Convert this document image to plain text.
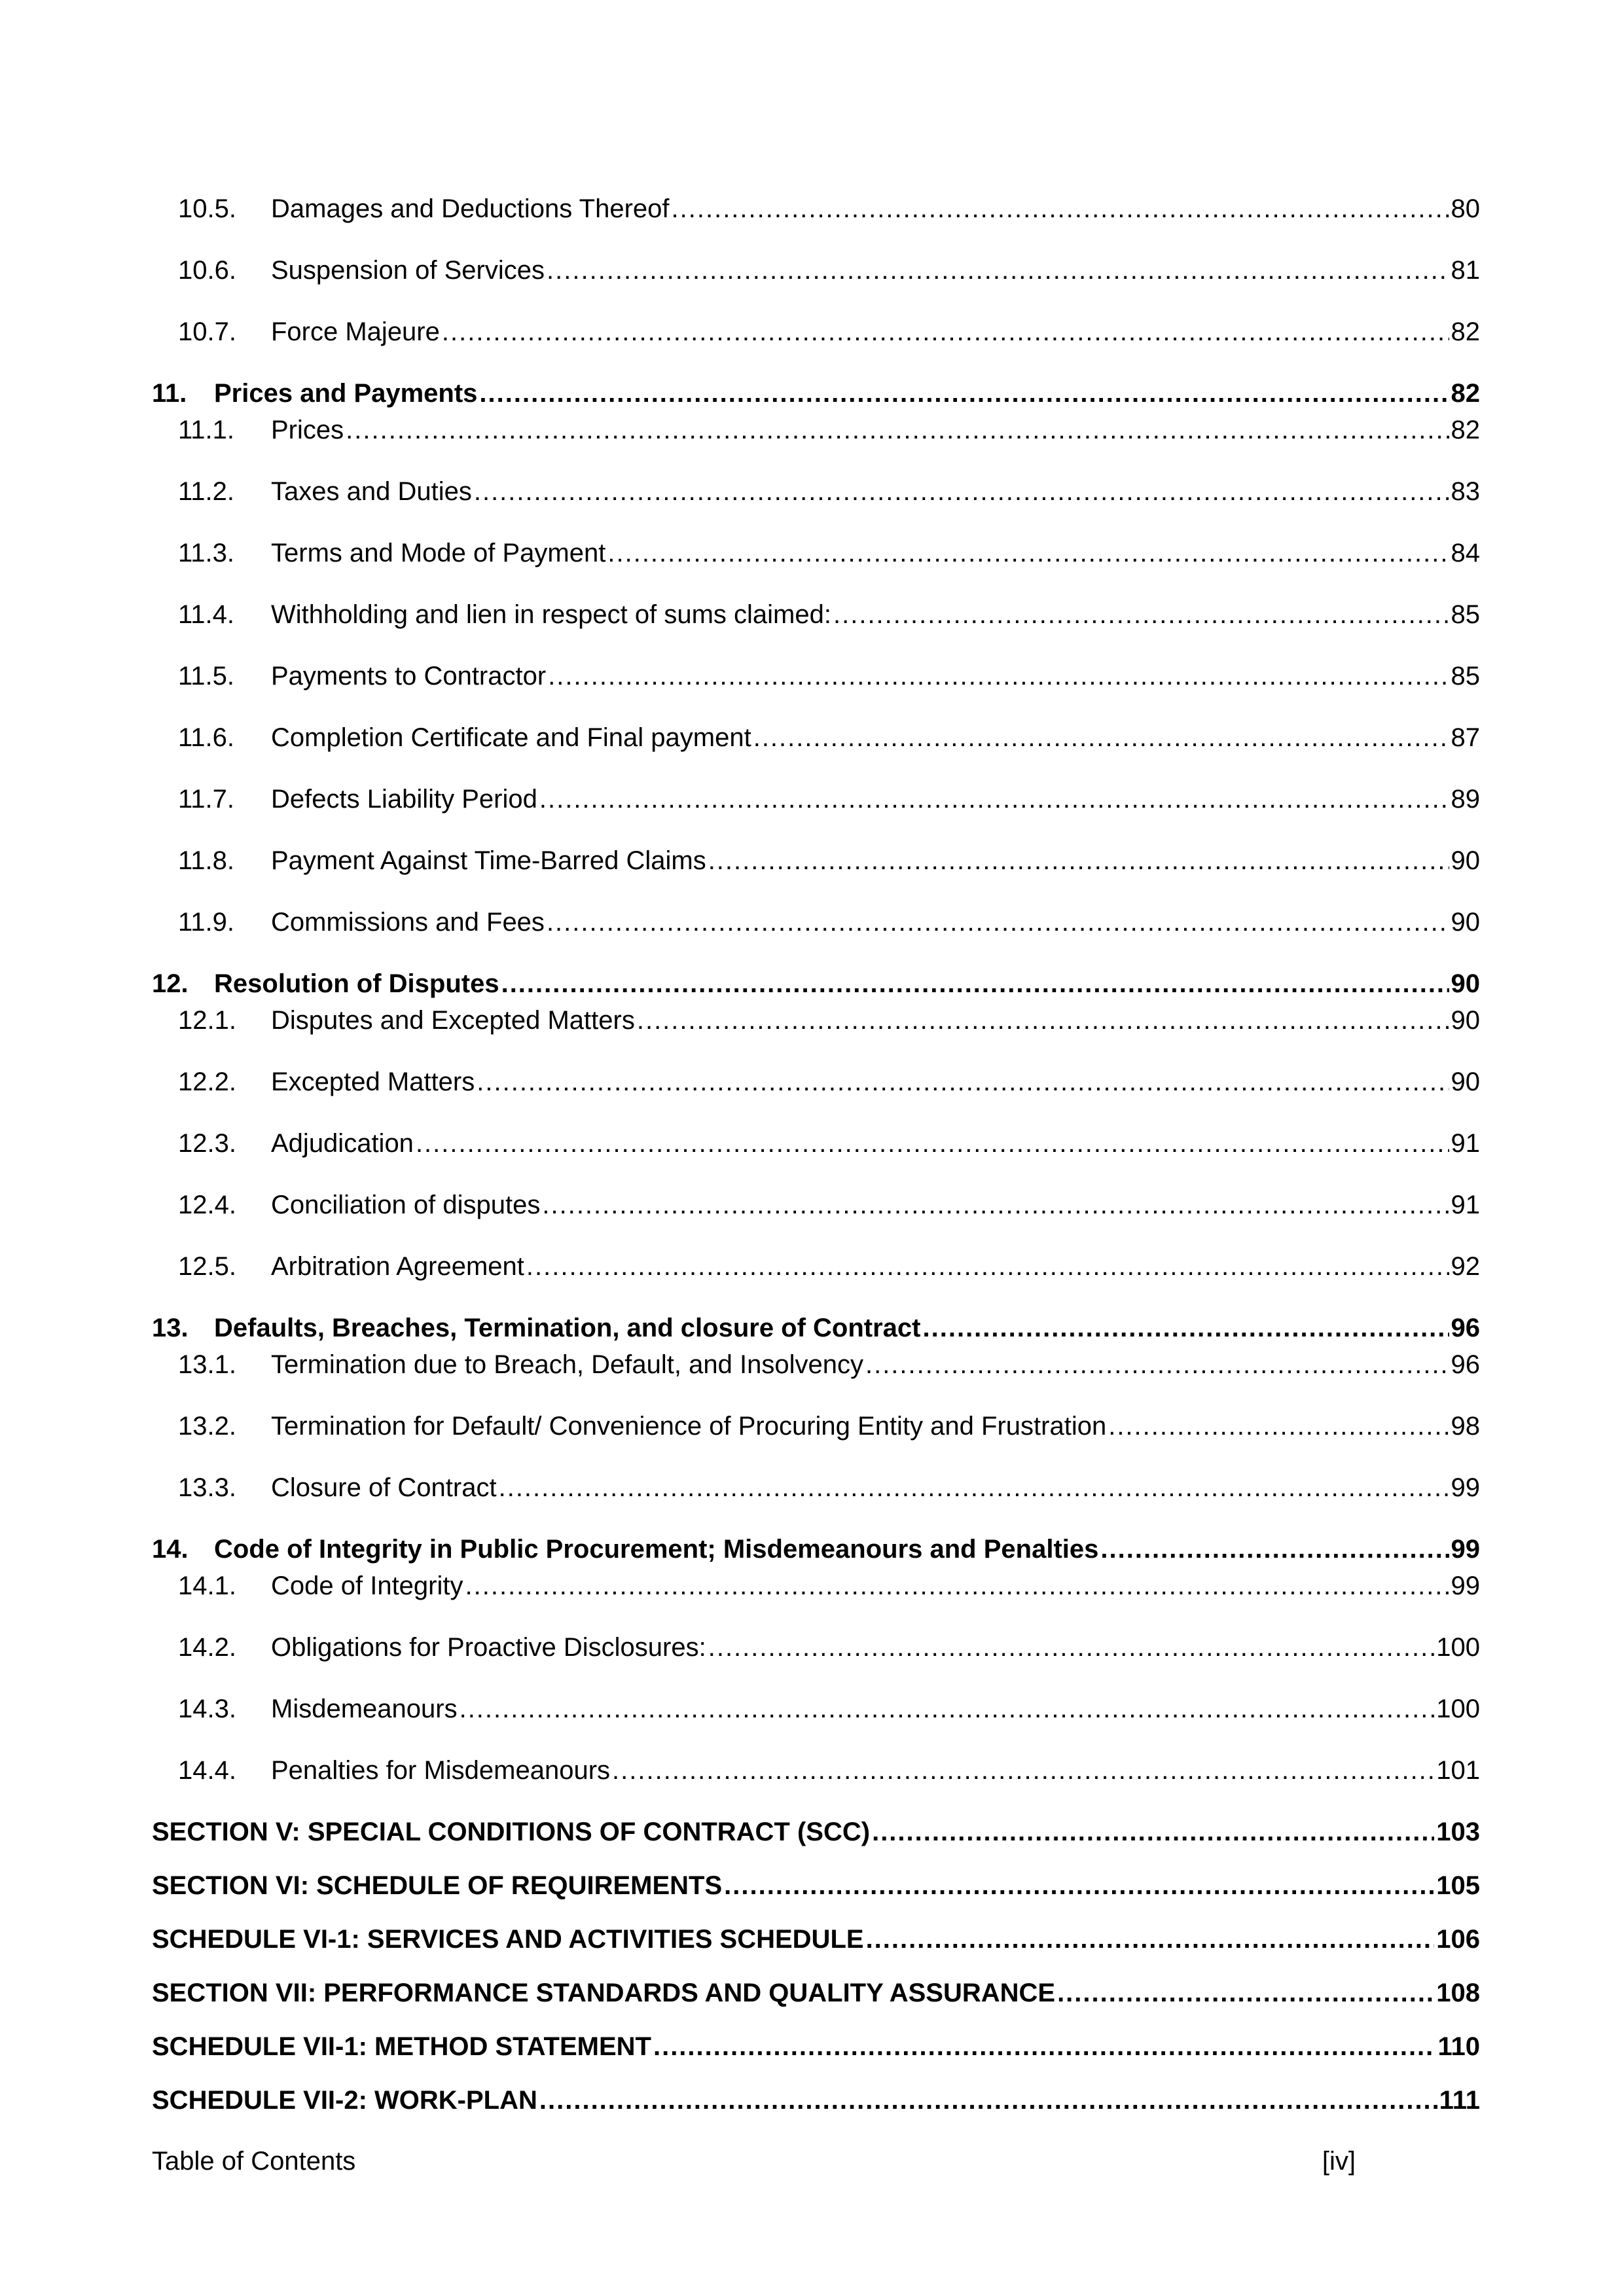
10.5.	Damages and Deductions Thereof .....	80
10.6.	Suspension of Services .....	81
10.7.	Force Majeure .....	82
11.	Prices and Payments .....	82
11.1.	Prices .....	82
11.2.	Taxes and Duties .....	83
11.3.	Terms and Mode of Payment .....	84
11.4.	Withholding and lien in respect of sums claimed: .....	85
11.5.	Payments to Contractor .....	85
11.6.	Completion Certificate and Final payment .....	87
11.7.	Defects Liability Period .....	89
11.8.	Payment Against Time-Barred Claims .....	90
11.9.	Commissions and Fees .....	90
12. Resolution of Disputes .....	90
12.1.	Disputes and Excepted Matters .....	90
12.2.	Excepted Matters .....	90
12.3.	Adjudication .....	91
12.4.	Conciliation of disputes .....	91
12.5.	Arbitration Agreement .....	92
13. Defaults, Breaches, Termination, and closure of Contract .....	96
13.1.	Termination due to Breach, Default, and Insolvency .....	96
13.2.	Termination for Default/ Convenience of Procuring Entity and Frustration .....	98
13.3.	Closure of Contract .....	99
14. Code of Integrity in Public Procurement; Misdemeanours and Penalties .....	99
14.1.	Code of Integrity .....	99
14.2.	Obligations for Proactive Disclosures: .....	100
14.3.	Misdemeanours .....	100
14.4.	Penalties for Misdemeanours .....	101
SECTION V: SPECIAL CONDITIONS OF CONTRACT (SCC) .....	103
SECTION VI: SCHEDULE OF REQUIREMENTS .....	105
SCHEDULE VI-1: SERVICES AND ACTIVITIES SCHEDULE .....	106
SECTION VII: PERFORMANCE STANDARDS AND QUALITY ASSURANCE .....	108
SCHEDULE VII-1: METHOD STATEMENT .....	110
SCHEDULE VII-2: WORK-PLAN .....	111
Table of Contents	[iv]
